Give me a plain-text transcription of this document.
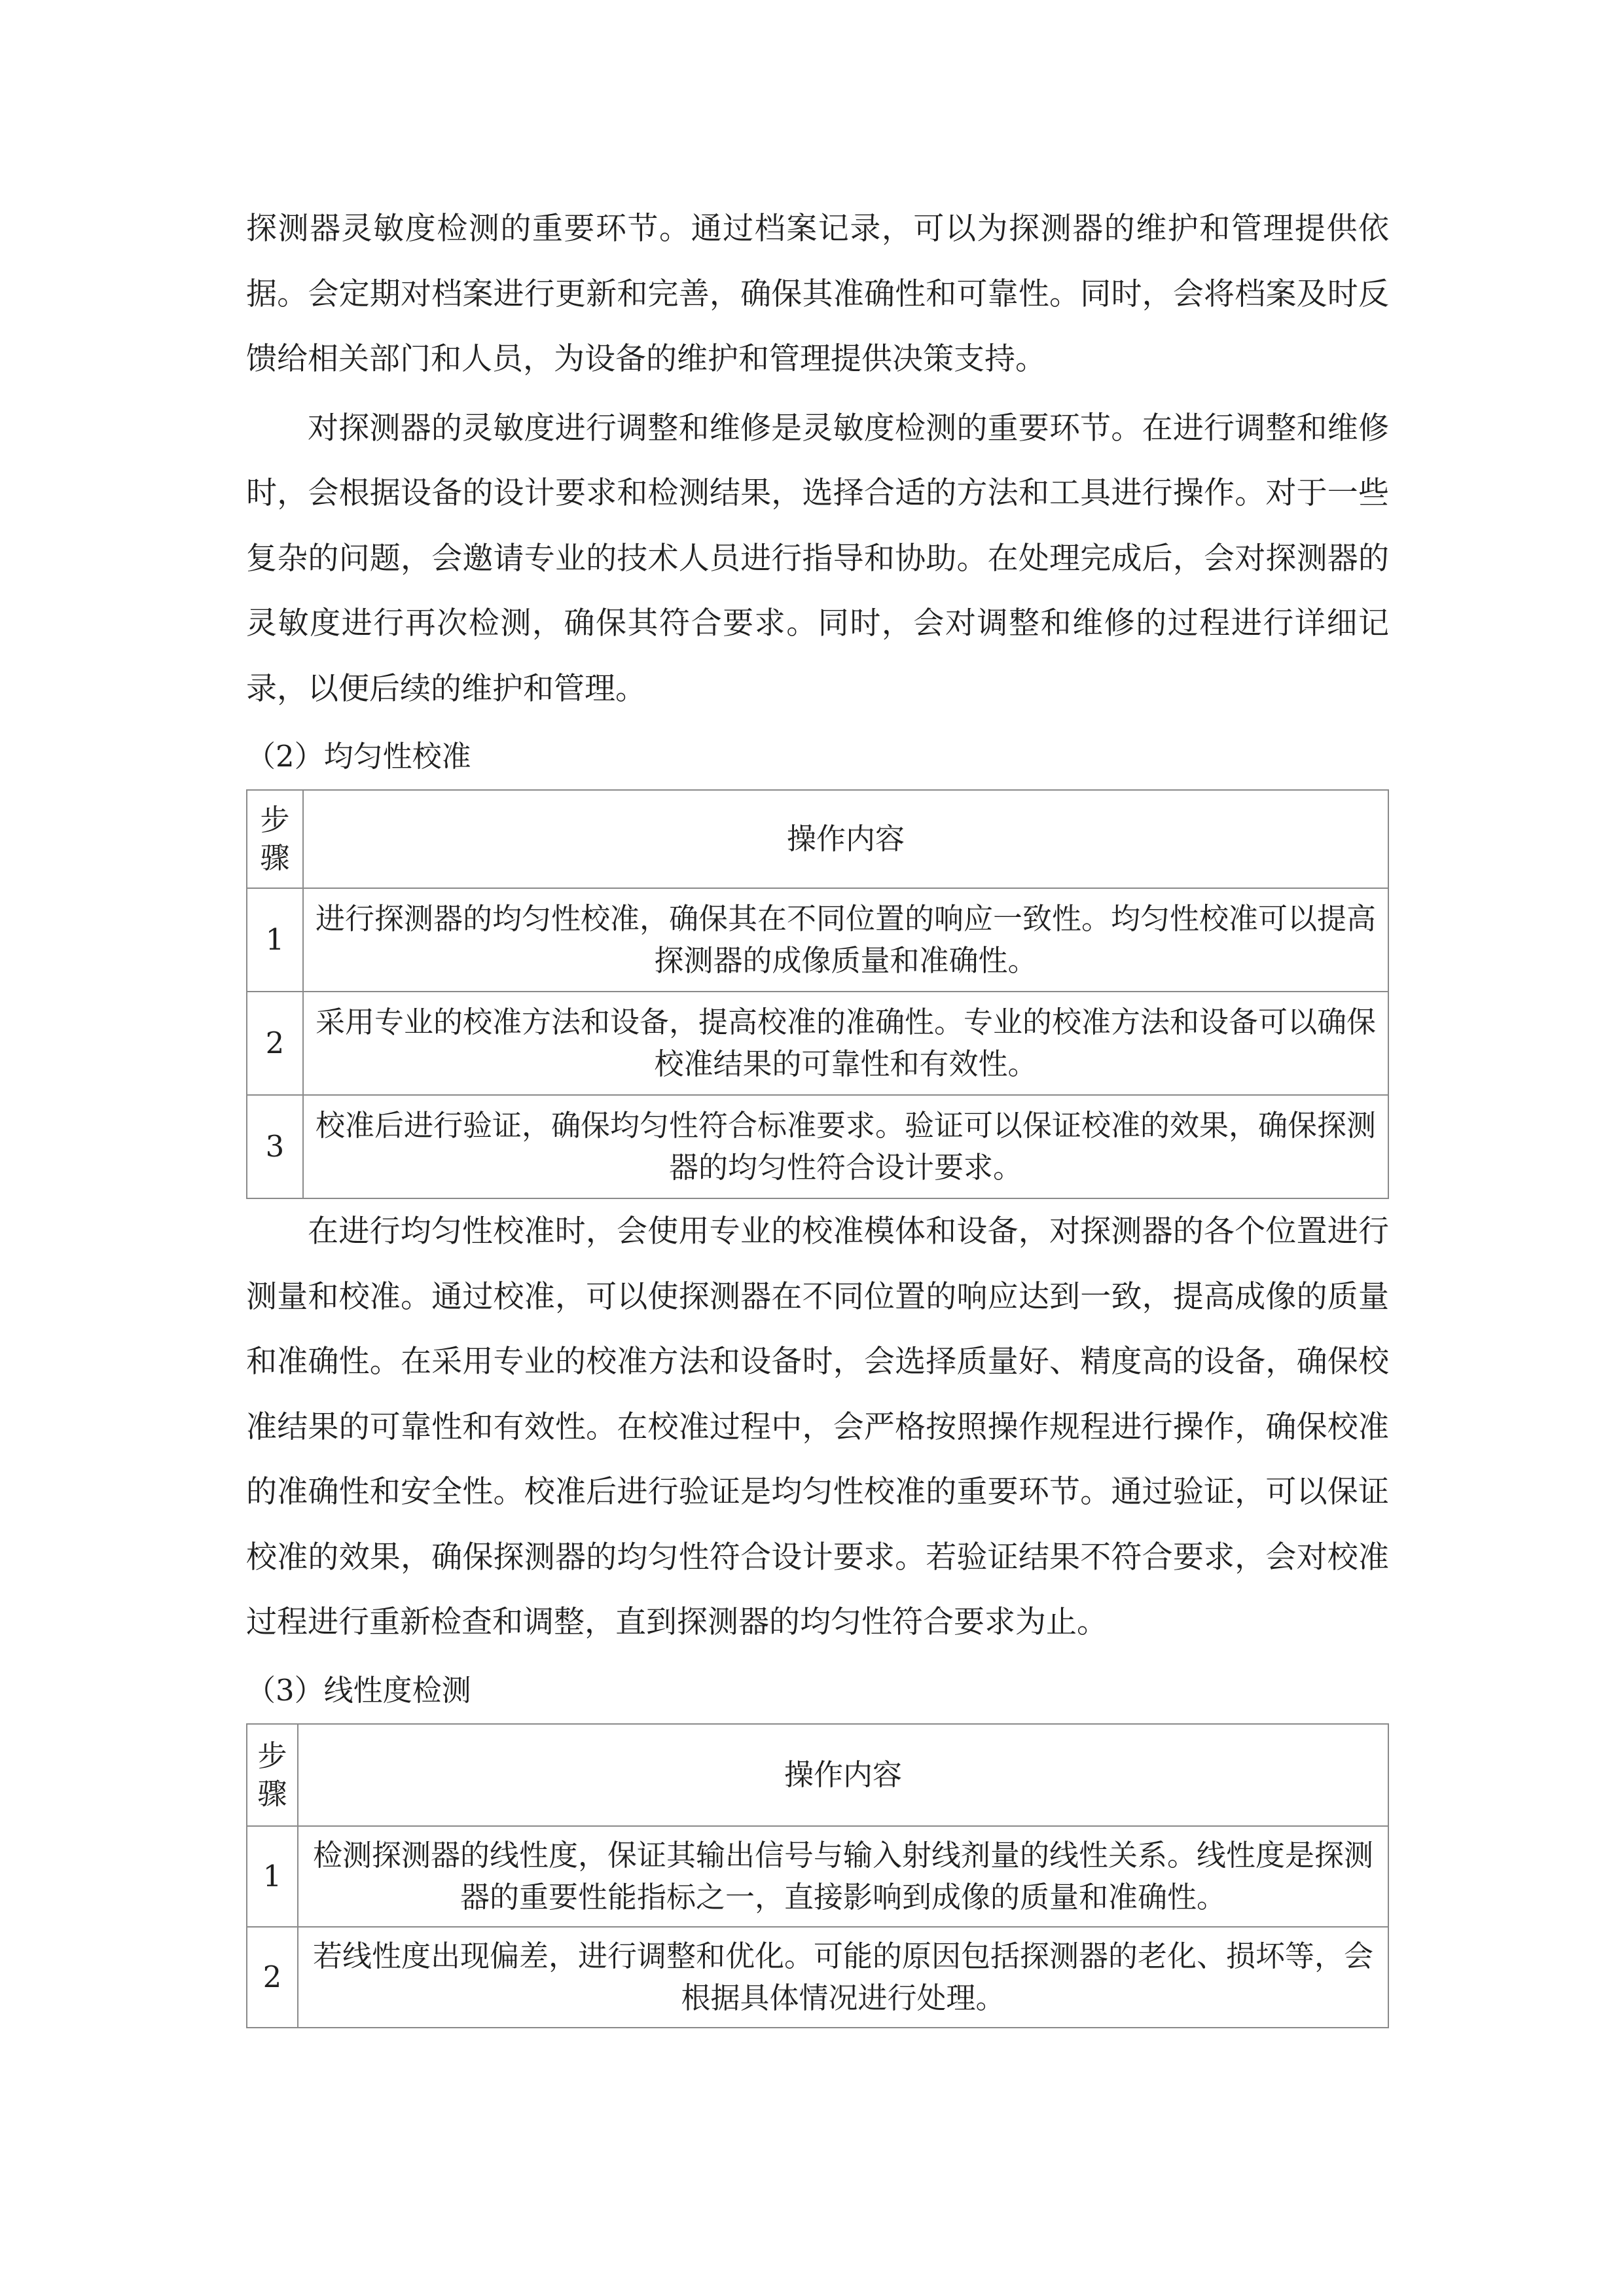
探测器灵敏度检测的重要环节。通过档案记录，可以为探测器的维护和管理提供依据。会定期对档案进行更新和完善，确保其准确性和可靠性。同时，会将档案及时反馈给相关部门和人员，为设备的维护和管理提供决策支持。

对探测器的灵敏度进行调整和维修是灵敏度检测的重要环节。在进行调整和维修时，会根据设备的设计要求和检测结果，选择合适的方法和工具进行操作。对于一些复杂的问题，会邀请专业的技术人员进行指导和协助。在处理完成后，会对探测器的灵敏度进行再次检测，确保其符合要求。同时，会对调整和维修的过程进行详细记录，以便后续的维护和管理。

（2）均匀性校准
步骤	操作内容
1	进行探测器的均匀性校准，确保其在不同位置的响应一致性。均匀性校准可以提高探测器的成像质量和准确性。
2	采用专业的校准方法和设备，提高校准的准确性。专业的校准方法和设备可以确保校准结果的可靠性和有效性。
3	校准后进行验证，确保均匀性符合标准要求。验证可以保证校准的效果，确保探测器的均匀性符合设计要求。

在进行均匀性校准时，会使用专业的校准模体和设备，对探测器的各个位置进行测量和校准。通过校准，可以使探测器在不同位置的响应达到一致，提高成像的质量和准确性。在采用专业的校准方法和设备时，会选择质量好、精度高的设备，确保校准结果的可靠性和有效性。在校准过程中，会严格按照操作规程进行操作，确保校准的准确性和安全性。校准后进行验证是均匀性校准的重要环节。通过验证，可以保证校准的效果，确保探测器的均匀性符合设计要求。若验证结果不符合要求，会对校准过程进行重新检查和调整，直到探测器的均匀性符合要求为止。

（3）线性度检测
步骤	操作内容
1	检测探测器的线性度，保证其输出信号与输入射线剂量的线性关系。线性度是探测器的重要性能指标之一，直接影响到成像的质量和准确性。
2	若线性度出现偏差，进行调整和优化。可能的原因包括探测器的老化、损坏等，会根据具体情况进行处理。
